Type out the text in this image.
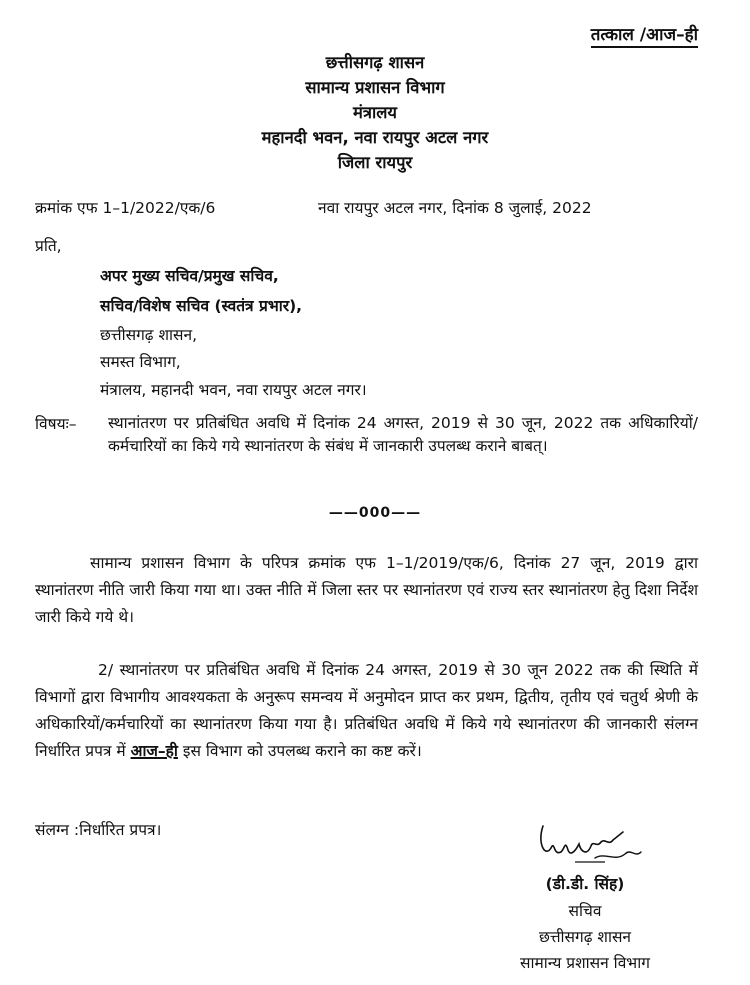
तत्काल /आज–ही
छत्तीसगढ़ शासन
सामान्य प्रशासन विभाग
मंत्रालय
महानदी भवन, नवा रायपुर अटल नगर
जिला रायपुर
क्रमांक एफ 1–1/2022/एक/6	नवा रायपुर अटल नगर, दिनांक 8 जुलाई, 2022
प्रति,
अपर मुख्य सचिव/प्रमुख सचिव,
सचिव/विशेष सचिव (स्वतंत्र प्रभार),
छत्तीसगढ़ शासन,
समस्त विभाग,
मंत्रालय, महानदी भवन, नवा रायपुर अटल नगर।
विषयः– स्थानांतरण पर प्रतिबंधित अवधि में दिनांक 24 अगस्त, 2019 से 30 जून, 2022 तक अधिकारियों/कर्मचारियों का किये गये स्थानांतरण के संबंध में जानकारी उपलब्ध कराने बाबत्।
——000——
सामान्य प्रशासन विभाग के परिपत्र क्रमांक एफ 1–1/2019/एक/6, दिनांक 27 जून, 2019 द्वारा स्थानांतरण नीति जारी किया गया था। उक्त नीति में जिला स्तर पर स्थानांतरण एवं राज्य स्तर स्थानांतरण हेतु दिशा निर्देश जारी किये गये थे।
2/ स्थानांतरण पर प्रतिबंधित अवधि में दिनांक 24 अगस्त, 2019 से 30 जून 2022 तक की स्थिति में विभागों द्वारा विभागीय आवश्यकता के अनुरूप समन्वय में अनुमोदन प्राप्त कर प्रथम, द्वितीय, तृतीय एवं चतुर्थ श्रेणी के अधिकारियों/कर्मचारियों का स्थानांतरण किया गया है। प्रतिबंधित अवधि में किये गये स्थानांतरण की जानकारी संलग्न निर्धारित प्रपत्र में आज–ही इस विभाग को उपलब्ध कराने का कष्ट करें।
संलग्न :निर्धारित प्रपत्र।
(डी.डी. सिंह)
सचिव
छत्तीसगढ़ शासन
सामान्य प्रशासन विभाग
